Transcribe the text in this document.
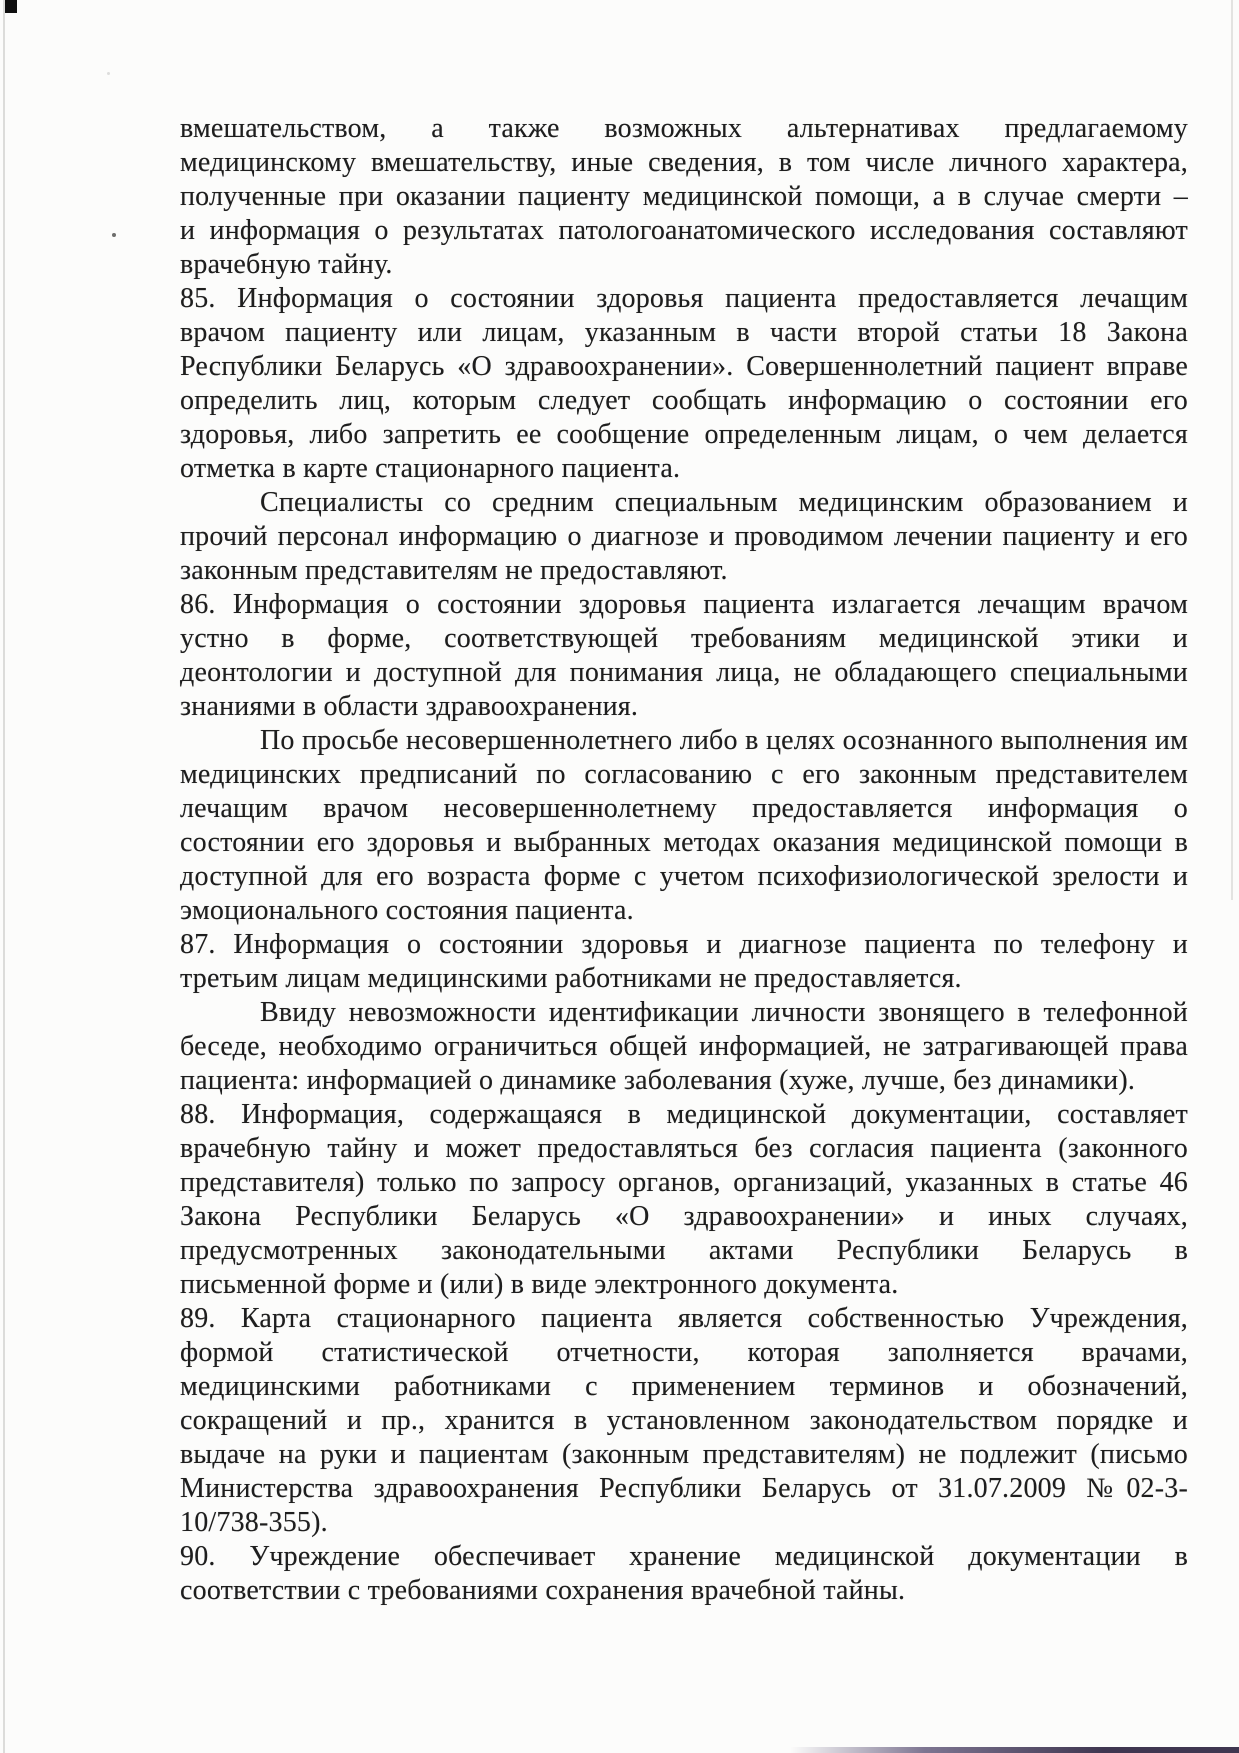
вмешательством, а также возможных альтернативах предлагаемому
медицинскому вмешательству, иные сведения, в том числе личного характера,
полученные при оказании пациенту медицинской помощи, а в случае смерти –
и информация о результатах патологоанатомического исследования составляют
врачебную тайну.
85. Информация о состоянии здоровья пациента предоставляется лечащим
врачом пациенту или лицам, указанным в части второй статьи 18 Закона
Республики Беларусь «О здравоохранении». Совершеннолетний пациент вправе
определить лиц, которым следует сообщать информацию о состоянии его
здоровья, либо запретить ее сообщение определенным лицам, о чем делается
отметка в карте стационарного пациента.
Специалисты со средним специальным медицинским образованием и
прочий персонал информацию о диагнозе и проводимом лечении пациенту и его
законным представителям не предоставляют.
86. Информация о состоянии здоровья пациента излагается лечащим врачом
устно в форме, соответствующей требованиям медицинской этики и
деонтологии и доступной для понимания лица, не обладающего специальными
знаниями в области здравоохранения.
По просьбе несовершеннолетнего либо в целях осознанного выполнения им
медицинских предписаний по согласованию с его законным представителем
лечащим врачом несовершеннолетнему предоставляется информация о
состоянии его здоровья и выбранных методах оказания медицинской помощи в
доступной для его возраста форме с учетом психофизиологической зрелости и
эмоционального состояния пациента.
87. Информация о состоянии здоровья и диагнозе пациента по телефону и
третьим лицам медицинскими работниками не предоставляется.
Ввиду невозможности идентификации личности звонящего в телефонной
беседе, необходимо ограничиться общей информацией, не затрагивающей права
пациента: информацией о динамике заболевания (хуже, лучше, без динамики).
88. Информация, содержащаяся в медицинской документации, составляет
врачебную тайну и может предоставляться без согласия пациента (законного
представителя) только по запросу органов, организаций, указанных в статье 46
Закона Республики Беларусь «О здравоохранении» и иных случаях,
предусмотренных законодательными актами Республики Беларусь в
письменной форме и (или) в виде электронного документа.
89. Карта стационарного пациента является собственностью Учреждения,
формой статистической отчетности, которая заполняется врачами,
медицинскими работниками с применением терминов и обозначений,
сокращений и пр., хранится в установленном законодательством порядке и
выдаче на руки и пациентам (законным представителям) не подлежит (письмо
Министерства здравоохранения Республики Беларусь от 31.07.2009 №02-3-
10/738-355).
90. Учреждение обеспечивает хранение медицинской документации в
соответствии с требованиями сохранения врачебной тайны.
